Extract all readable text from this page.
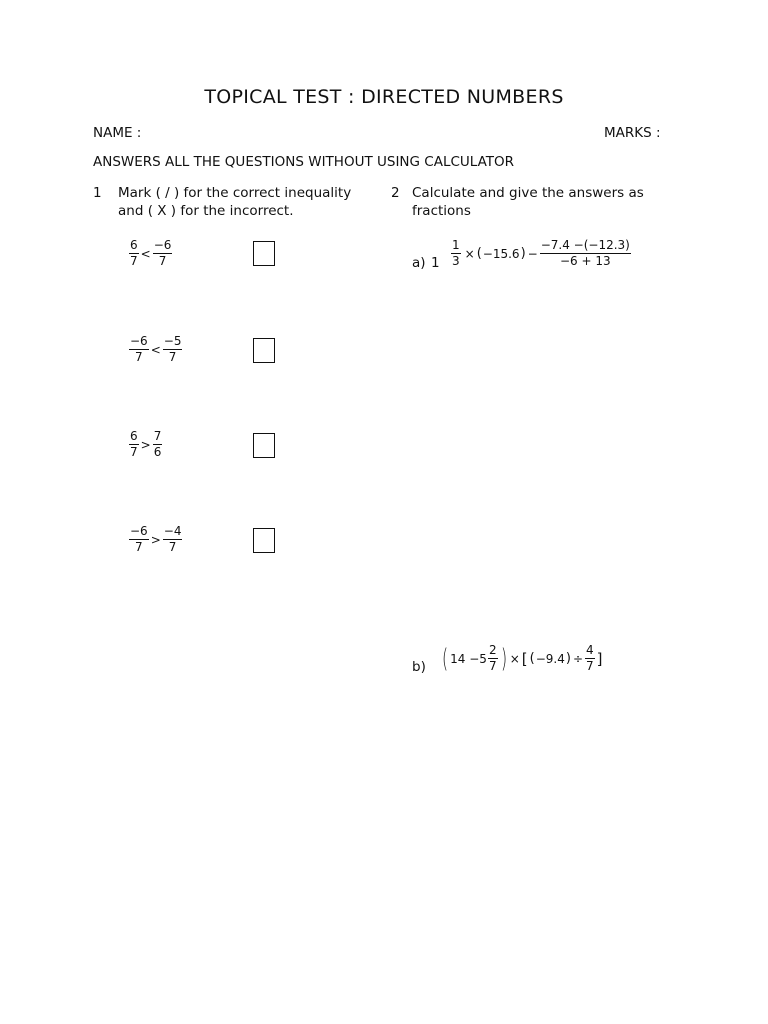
TOPICAL TEST : DIRECTED NUMBERS
NAME :	MARKS :
ANSWERS ALL THE QUESTIONS WITHOUT USING CALCULATOR
1 Mark ( / ) for the correct inequality
and ( X ) for the incorrect.
$\frac{6}{7} < \frac{-6}{7}$
$\frac{-6}{7} < \frac{-5}{7}$
$\frac{6}{7} > \frac{7}{6}$
$\frac{-6}{7} > \frac{-4}{7}$
2 Calculate and give the answers as
fractions
a) $1 \frac{1}{3}$ × ( −15.6 ) − $\frac{-7.4 -(-12.3)}{-6 + 13}$
b) ( $14 -5 \frac{2}{7}$ ) × [ ( −9.4 ) ÷ $\frac{4}{7}$ ]
